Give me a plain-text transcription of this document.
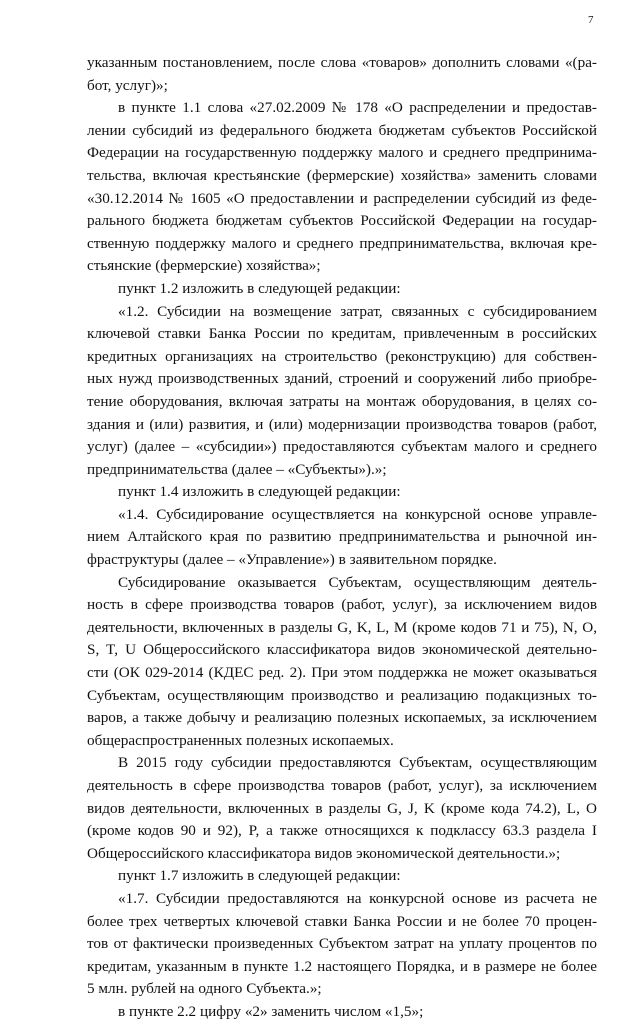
7
указанным постановлением, после слова «товаров» дополнить словами «(ра-
бот, услуг)»;
в пункте 1.1 слова «27.02.2009 № 178 «О распределении и предостав-
лении субсидий из федерального бюджета бюджетам субъектов Российской
Федерации на государственную поддержку малого и среднего предпринима-
тельства, включая крестьянские (фермерские) хозяйства» заменить словами
«30.12.2014 № 1605 «О предоставлении и распределении субсидий из феде-
рального бюджета бюджетам субъектов Российской Федерации на государ-
ственную поддержку малого и среднего предпринимательства, включая кре-
стьянские (фермерские) хозяйства»;
пункт 1.2 изложить в следующей редакции:
«1.2. Субсидии на возмещение затрат, связанных с субсидированием
ключевой ставки Банка России по кредитам, привлеченным в российских
кредитных организациях на строительство (реконструкцию) для собствен-
ных нужд производственных зданий, строений и сооружений либо приобре-
тение оборудования, включая затраты на монтаж оборудования, в целях со-
здания и (или) развития, и (или) модернизации производства товаров (работ,
услуг) (далее – «субсидии») предоставляются субъектам малого и среднего
предпринимательства (далее – «Субъекты»).»;
пункт 1.4 изложить в следующей редакции:
«1.4. Субсидирование осуществляется на конкурсной основе управле-
нием Алтайского края по развитию предпринимательства и рыночной ин-
фраструктуры (далее – «Управление») в заявительном порядке.
Субсидирование оказывается Субъектам, осуществляющим деятель-
ность в сфере производства товаров (работ, услуг), за исключением видов
деятельности, включенных в разделы G, K, L, M (кроме кодов 71 и 75), N, O,
S, T, U Общероссийского классификатора видов экономической деятельно-
сти (ОК 029-2014 (КДЕС ред. 2). При этом поддержка не может оказываться
Субъектам, осуществляющим производство и реализацию подакцизных то-
варов, а также добычу и реализацию полезных ископаемых, за исключением
общераспространенных полезных ископаемых.
В 2015 году субсидии предоставляются Субъектам, осуществляющим
деятельность в сфере производства товаров (работ, услуг), за исключением
видов деятельности, включенных в разделы G, J, K (кроме кода 74.2), L, O
(кроме кодов 90 и 92), P, а также относящихся к подклассу 63.3 раздела I
Общероссийского классификатора видов экономической деятельности.»;
пункт 1.7 изложить в следующей редакции:
«1.7. Субсидии предоставляются на конкурсной основе из расчета не
более трех четвертых ключевой ставки Банка России и не более 70 процен-
тов от фактически произведенных Субъектом затрат на уплату процентов по
кредитам, указанным в пункте 1.2 настоящего Порядка, и в размере не более
5 млн. рублей на одного Субъекта.»;
в пункте 2.2 цифру «2» заменить числом «1,5»;
